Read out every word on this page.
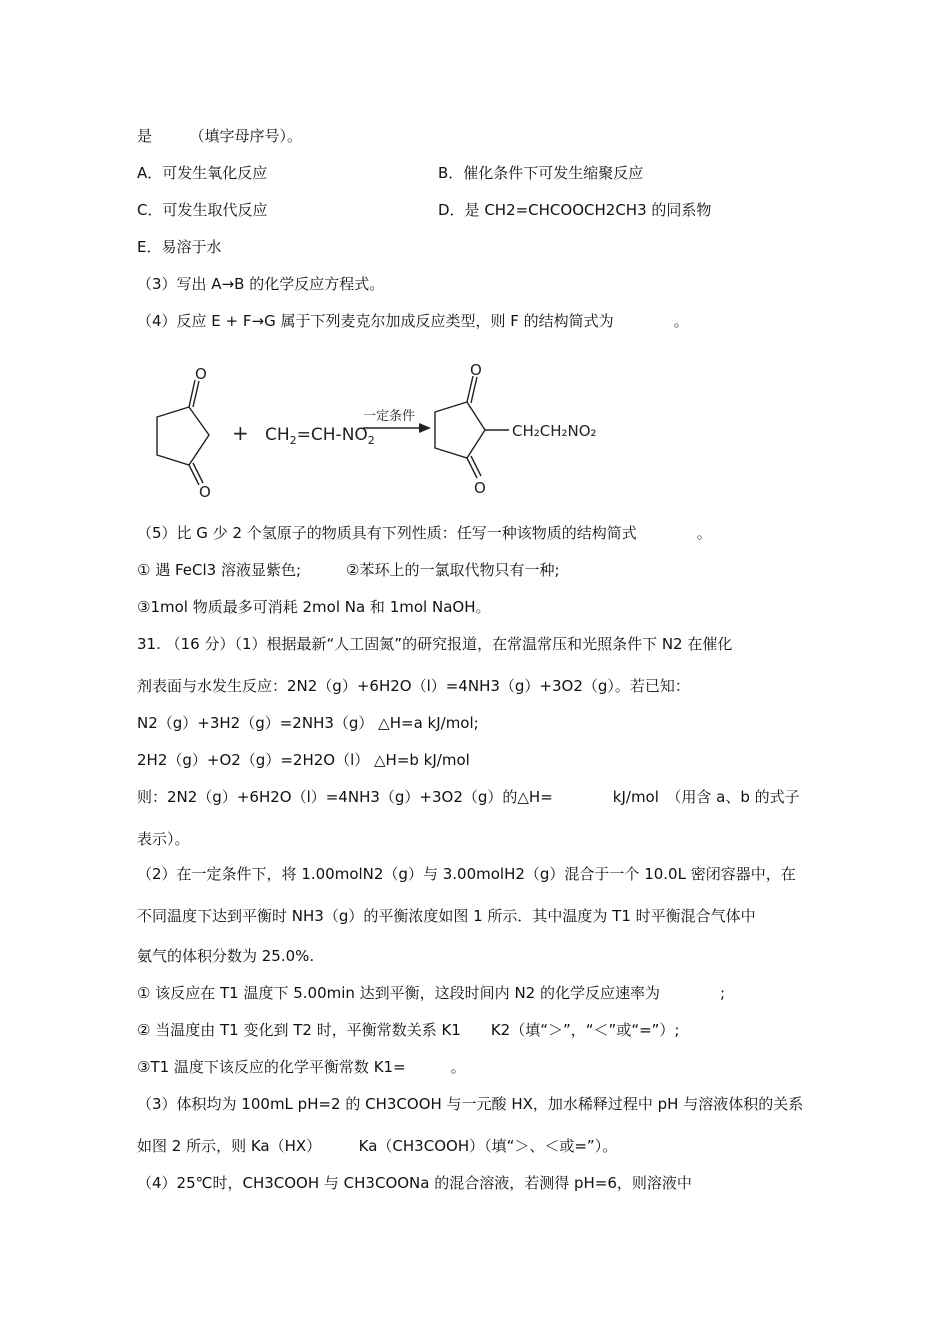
是　　　（填字母序号）。
A．可发生氧化反应	B．催化条件下可发生缩聚反应
C．可发生取代反应	D．是 CH2=CHCOOCH2CH3 的同系物
E．易溶于水
（3）写出 A→B 的化学反应方程式。
（4）反应 E + F→G 属于下列麦克尔加成反应类型，则 F 的结构简式为　　　　。
O
O
+ $CH_2=CH-NO_2$
一定条件
O
O
CH₂CH₂NO₂
（5）比 G 少 2 个氢原子的物质具有下列性质：任写一种该物质的结构简式　　　　。
① 遇 FeCl3 溶液显紫色;　　　②苯环上的一氯取代物只有一种;
③1mol 物质最多可消耗 2mol Na 和 1mol NaOH。
31. （16 分）（1）根据最新“人工固氮”的研究报道，在常温常压和光照条件下 N2 在催化
剂表面与水发生反应：2N2（g）+6H2O（l）=4NH3（g）+3O2（g）。若已知：
N2（g）+3H2（g）=2NH3（g） △H=a kJ/mol;
2H2（g）+O2（g）=2H2O（l） △H=b kJ/mol
则：2N2（g）+6H2O（l）=4NH3（g）+3O2（g）的△H=　　　　kJ/mol　（用含 a、b 的式子
表示）。
（2）在一定条件下，将 1.00molN2（g）与 3.00molH2（g）混合于一个 10.0L 密闭容器中，在
不同温度下达到平衡时 NH3（g）的平衡浓度如图 1 所示．其中温度为 T1 时平衡混合气体中
氨气的体积分数为 25.0%.
① 该反应在 T1 温度下 5.00min 达到平衡，这段时间内 N2 的化学反应速率为　　　　;
② 当温度由 T1 变化到 T2 时，平衡常数关系 K1　　K2（填“＞”，“＜”或“=”）;
③T1 温度下该反应的化学平衡常数 K1=　　　。
（3）体积均为 100mL pH=2 的 CH3COOH 与一元酸 HX，加水稀释过程中 pH 与溶液体积的关系
如图 2 所示，则 Ka（HX）　　　Ka（CH3COOH）（填“＞、＜或=”）。
（4）25℃时，CH3COOH 与 CH3COONa 的混合溶液，若测得 pH=6，则溶液中
